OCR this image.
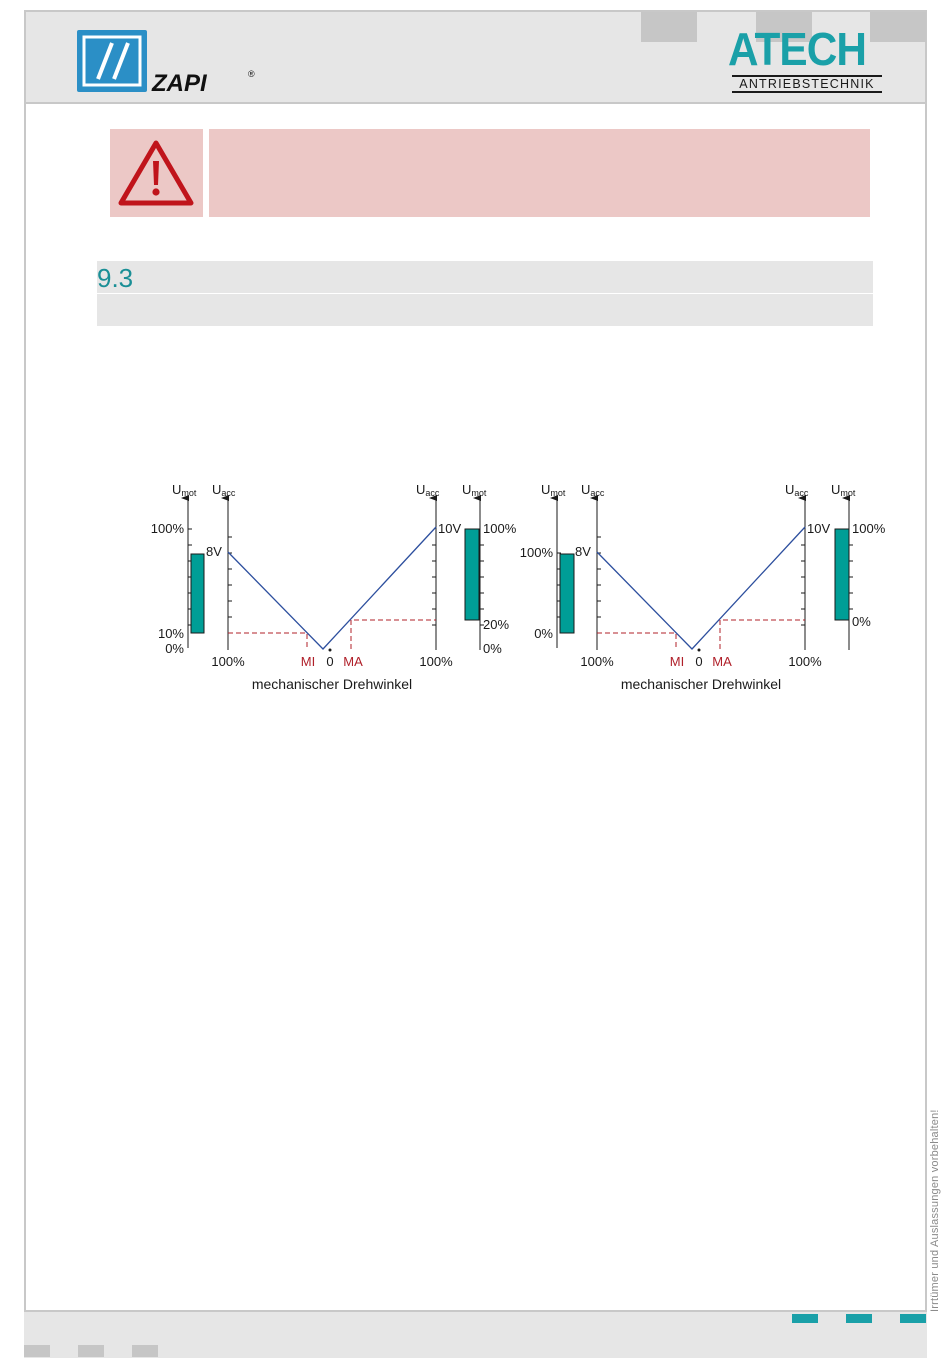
ZAPI	®	ATECH
ANTRIEBSTECHNIK
9.3
Umot
100%
10%
0%
Uacc
8V
Uacc
10V
Umot
100%
20%
0%
100%	MI 0 MA	100%
mechanischer Drehwinkel
Umot
100%
0%
Uacc
8V
Uacc
10V
Umot
100%
0%
100%	MI 0 MA	100%
mechanischer Drehwinkel
Irrtümer und Auslassungen vorbehalten!
